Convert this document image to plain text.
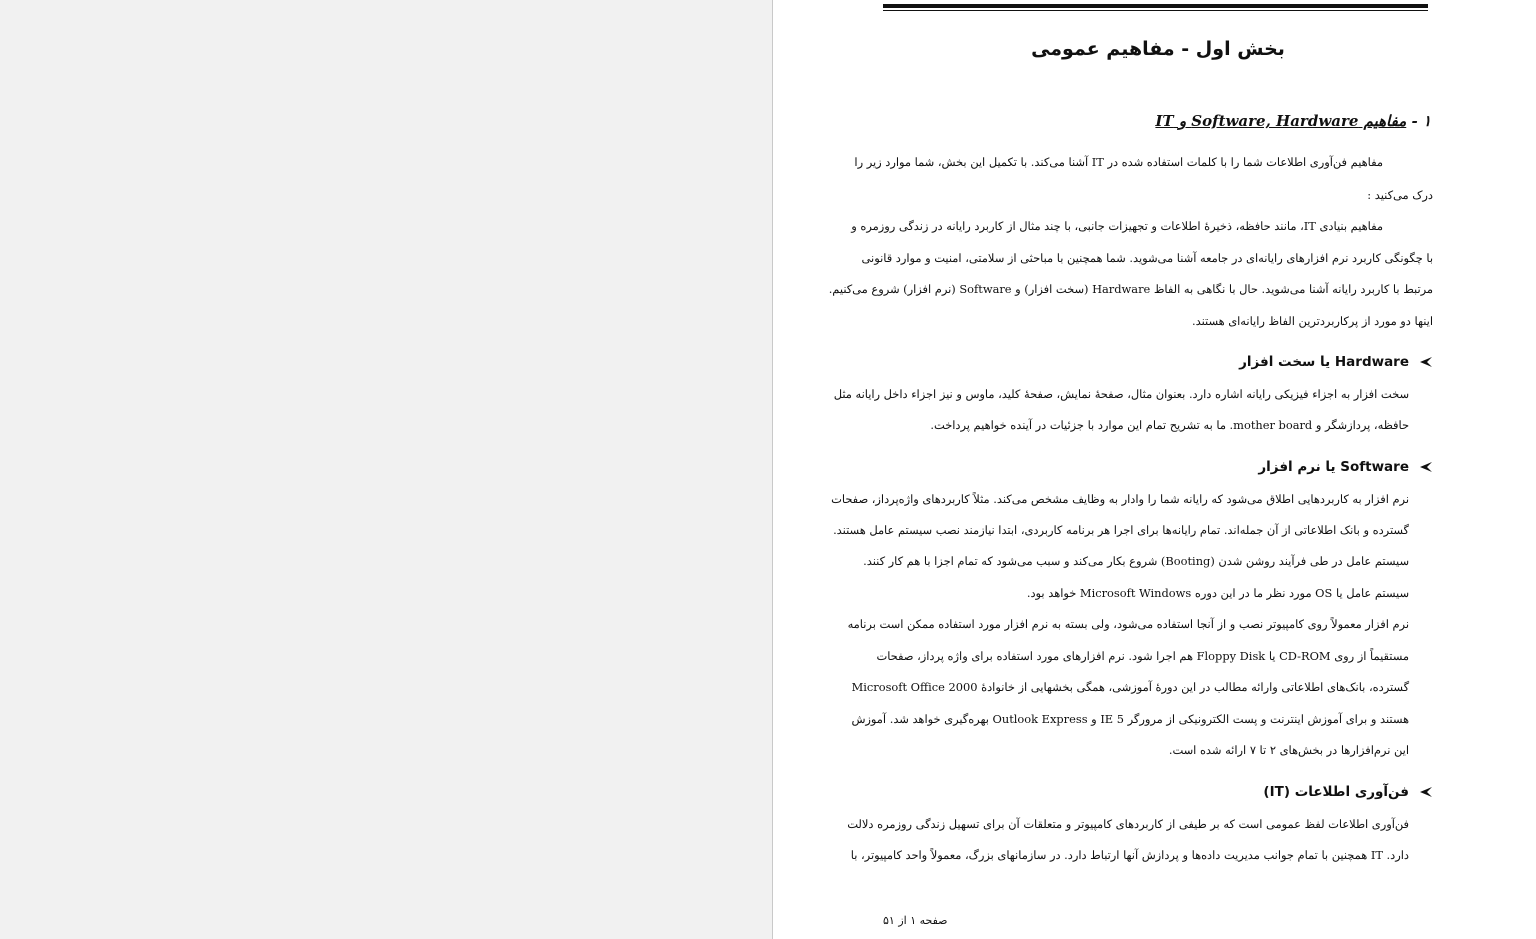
بخش اول - مفاهیم عمومی
۱ - مفاهیم Software, Hardware و IT
مفاهیم فن‌آوری اطلاعات شما را با کلمات استفاده شده در IT آشنا می‌کند. با تکمیل این بخش، شما موارد زیر را
درک می‌کنید :
مفاهیم بنیادی IT، مانند حافظه، ذخیرهٔ اطلاعات و تجهیزات جانبی، با چند مثال از کاربرد رایانه در زندگی روزمره و
با چگونگی کاربرد نرم افزارهای رایانه‌ای در جامعه آشنا می‌شوید. شما همچنین با مباحثی از سلامتی، امنیت و موارد قانونی
مرتبط با کاربرد رایانه آشنا می‌شوید. حال با نگاهی به الفاظ Hardware (سخت افزار) و Software (نرم افزار) شروع می‌کنیم.
اینها دو مورد از پرکاربردترین الفاظ رایانه‌ای هستند.
Hardware یا سخت افزار
سخت افزار به اجزاء فیزیکی رایانه اشاره دارد. بعنوان مثال، صفحهٔ نمایش، صفحهٔ کلید، ماوس و نیز اجزاء داخل رایانه مثل
حافظه، پردازشگر و mother board. ما به تشریح تمام این موارد با جزئیات در آینده خواهیم پرداخت.
Software یا نرم افزار
نرم افزار به کاربردهایی اطلاق می‌شود که رایانه شما را وادار به وظایف مشخص می‌کند. مثلاً کاربردهای واژه‌پرداز، صفحات
گسترده و بانک اطلاعاتی از آن جمله‌اند. تمام رایانه‌ها برای اجرا هر برنامه کاربردی، ابتدا نیازمند نصب سیستم عامل هستند.
سیستم عامل در طی فرآیند روشن شدن (Booting) شروع بکار می‌کند و سبب می‌شود که تمام اجزا با هم کار کنند.
سیستم عامل یا OS مورد نظر ما در این دوره Microsoft Windows خواهد بود.
نرم افزار معمولاً روی کامپیوتر نصب و از آنجا استفاده می‌شود، ولی بسته به نرم افزار مورد استفاده ممکن است برنامه
مستقیماً از روی CD-ROM یا Floppy Disk هم اجرا شود. نرم افزارهای مورد استفاده برای واژه پرداز، صفحات
گسترده، بانک‌های اطلاعاتی وارائه مطالب در این دورهٔ آموزشی، همگی بخشهایی از خانوادهٔ Microsoft Office 2000
هستند و برای آموزش اینترنت و پست الکترونیکی از مرورگر IE 5 و Outlook Express بهره‌گیری خواهد شد. آموزش
این نرم‌افزارها در بخش‌های ۲ تا ۷ ارائه شده است.
فن‌آوری اطلاعات (IT)
فن‌آوری اطلاعات لفظ عمومی است که بر طیفی از کاربردهای کامپیوتر و متعلقات آن برای تسهیل زندگی روزمره دلالت
دارد. IT همچنین با تمام جوانب مدیریت داده‌ها و پردازش آنها ارتباط دارد. در سازمانهای بزرگ، معمولاً واحد کامپیوتر، با
صفحه ۱ از ۵۱
